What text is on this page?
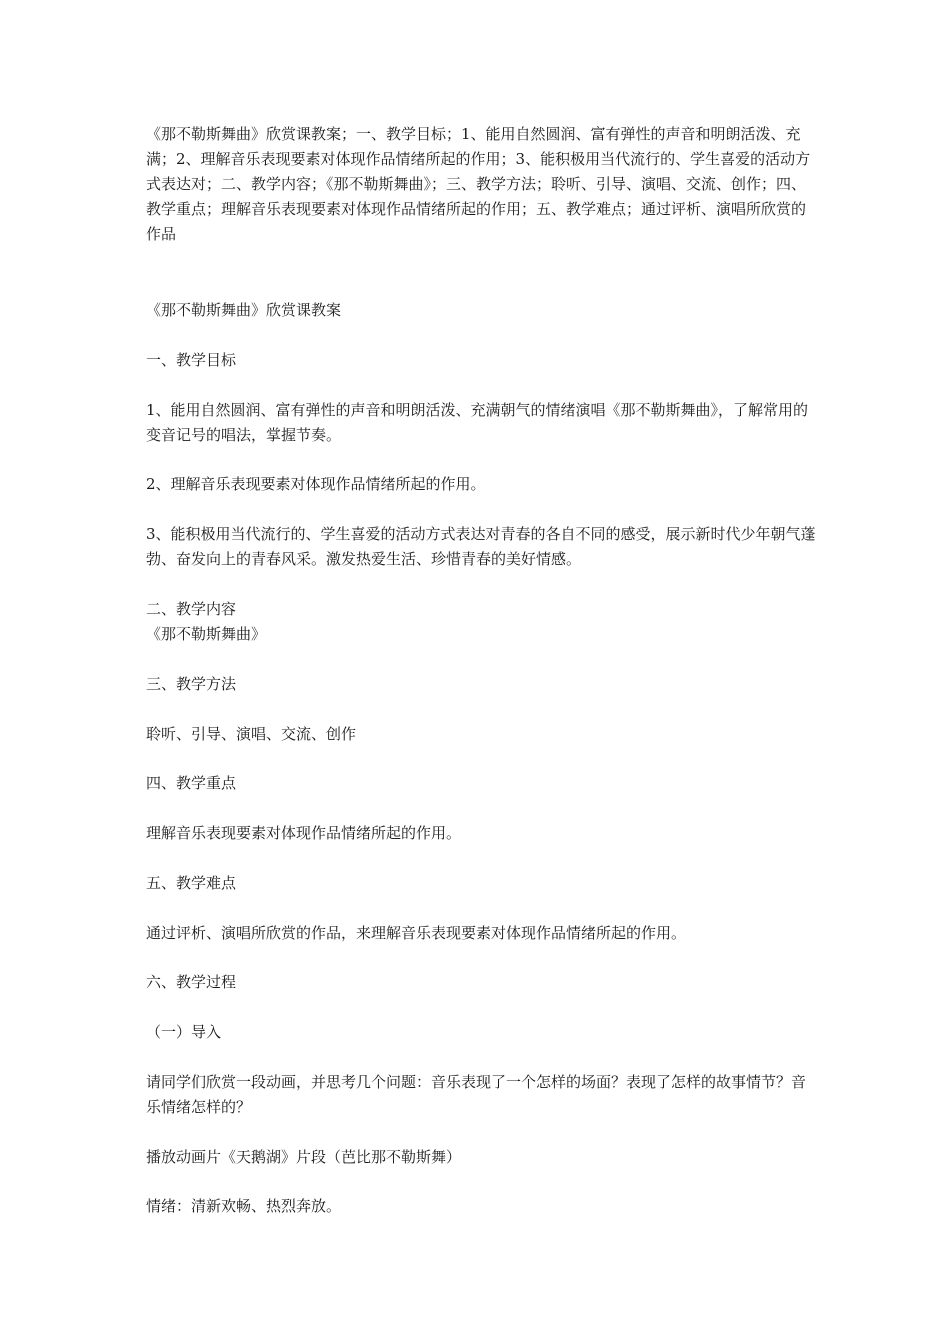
《那不勒斯舞曲》欣赏课教案；一、教学目标；1、能用自然圆润、富有弹性的声音和明朗活泼、充满；2、理解音乐表现要素对体现作品情绪所起的作用；3、能积极用当代流行的、学生喜爱的活动方式表达对；二、教学内容；《那不勒斯舞曲》；三、教学方法；聆听、引导、演唱、交流、创作；四、教学重点；理解音乐表现要素对体现作品情绪所起的作用；五、教学难点；通过评析、演唱所欣赏的作品

《那不勒斯舞曲》欣赏课教案

一、教学目标

1、能用自然圆润、富有弹性的声音和明朗活泼、充满朝气的情绪演唱《那不勒斯舞曲》，了解常用的变音记号的唱法，掌握节奏。

2、理解音乐表现要素对体现作品情绪所起的作用。

3、能积极用当代流行的、学生喜爱的活动方式表达对青春的各自不同的感受，展示新时代少年朝气蓬勃、奋发向上的青春风采。激发热爱生活、珍惜青春的美好情感。

二、教学内容

《那不勒斯舞曲》

三、教学方法

聆听、引导、演唱、交流、创作

四、教学重点

理解音乐表现要素对体现作品情绪所起的作用。

五、教学难点

通过评析、演唱所欣赏的作品，来理解音乐表现要素对体现作品情绪所起的作用。

六、教学过程

（一）导入

请同学们欣赏一段动画，并思考几个问题：音乐表现了一个怎样的场面？表现了怎样的故事情节？音乐情绪怎样的？

播放动画片《天鹅湖》片段（芭比那不勒斯舞）

情绪：清新欢畅、热烈奔放。
